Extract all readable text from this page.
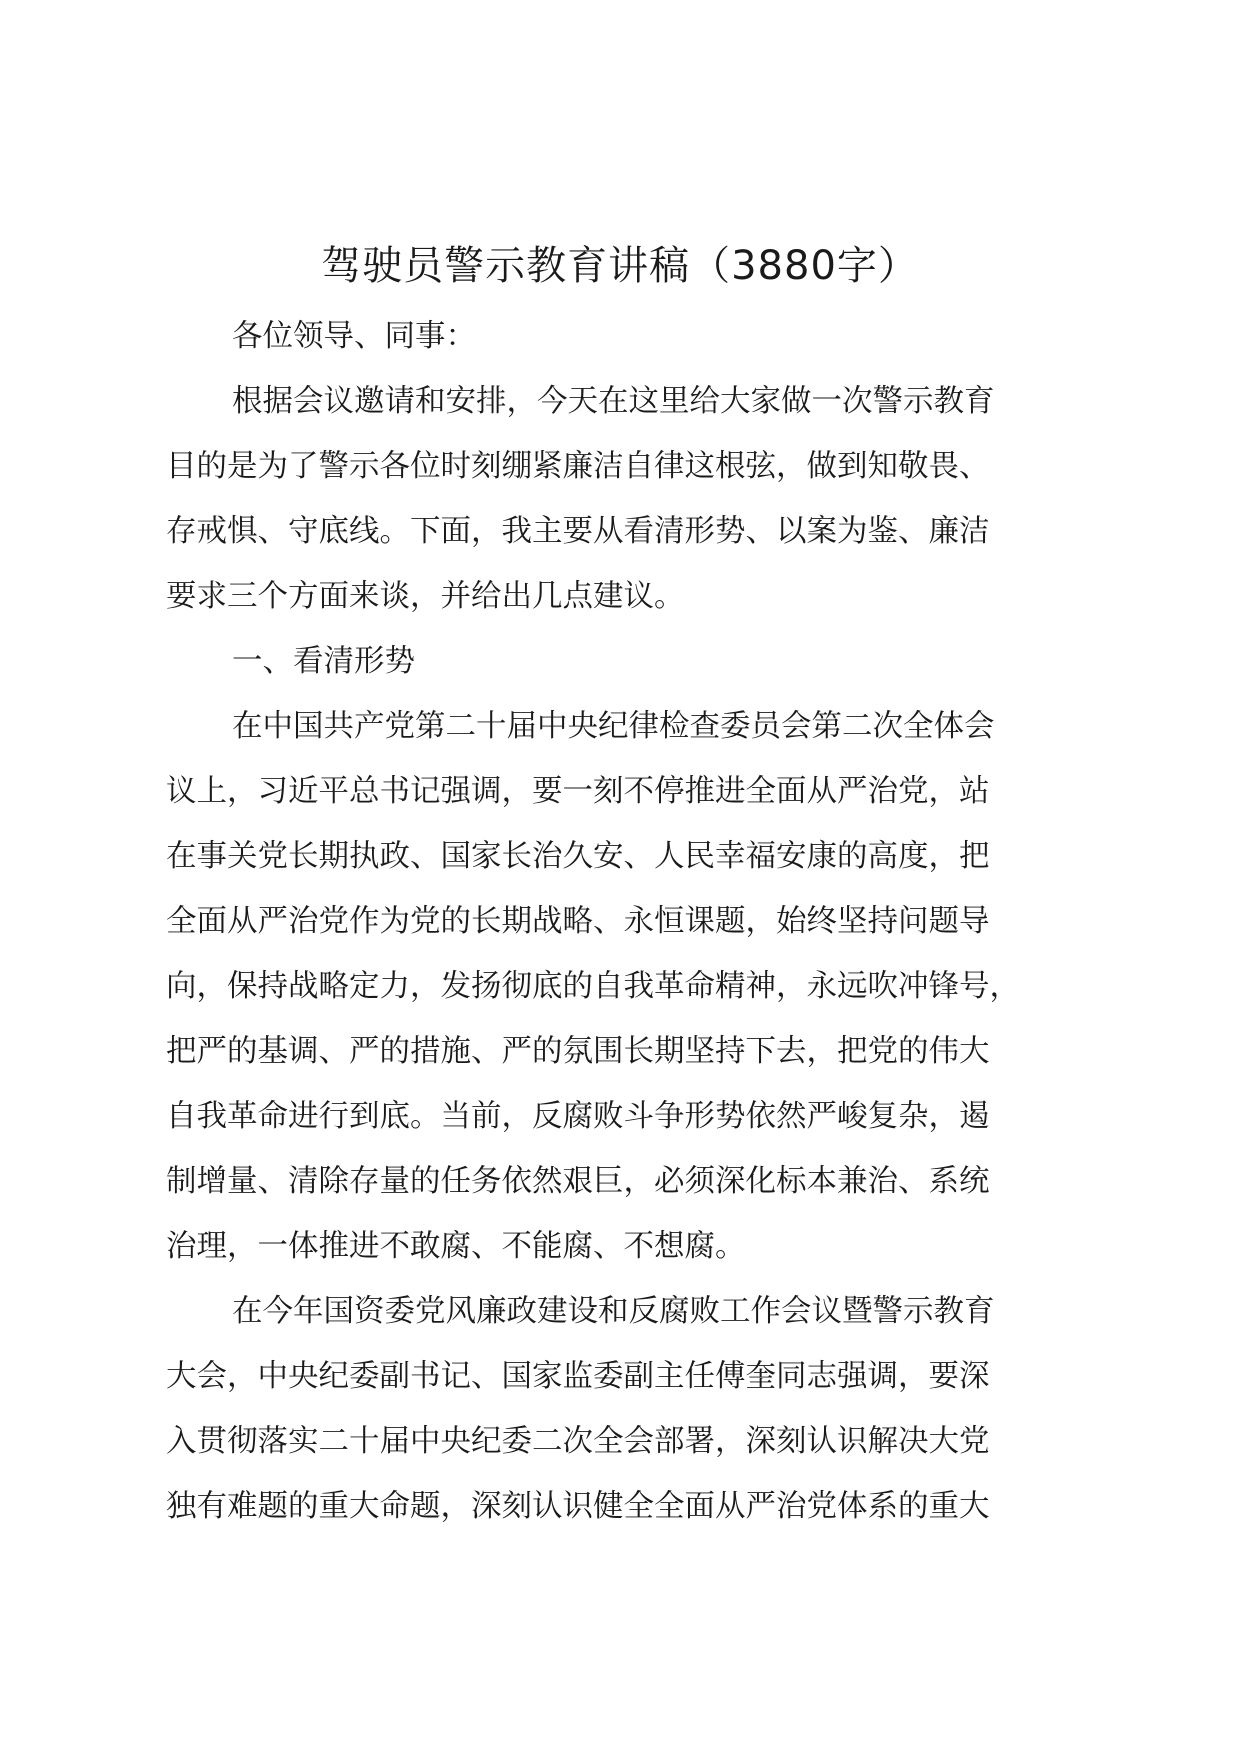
驾驶员警示教育讲稿（3880字）

各位领导、同事：

根据会议邀请和安排，今天在这里给大家做一次警示教育

目的是为了警示各位时刻绷紧廉洁自律这根弦，做到知敬畏、

存戒惧、守底线。下面，我主要从看清形势、以案为鉴、廉洁

要求三个方面来谈，并给出几点建议。

一、看清形势

在中国共产党第二十届中央纪律检查委员会第二次全体会

议上，习近平总书记强调，要一刻不停推进全面从严治党，站

在事关党长期执政、国家长治久安、人民幸福安康的高度，把

全面从严治党作为党的长期战略、永恒课题，始终坚持问题导

向，保持战略定力，发扬彻底的自我革命精神，永远吹冲锋号，

把严的基调、严的措施、严的氛围长期坚持下去，把党的伟大

自我革命进行到底。当前，反腐败斗争形势依然严峻复杂，遏

制增量、清除存量的任务依然艰巨，必须深化标本兼治、系统

治理，一体推进不敢腐、不能腐、不想腐。

在今年国资委党风廉政建设和反腐败工作会议暨警示教育

大会，中央纪委副书记、国家监委副主任傅奎同志强调，要深

入贯彻落实二十届中央纪委二次全会部署，深刻认识解决大党

独有难题的重大命题，深刻认识健全全面从严治党体系的重大
